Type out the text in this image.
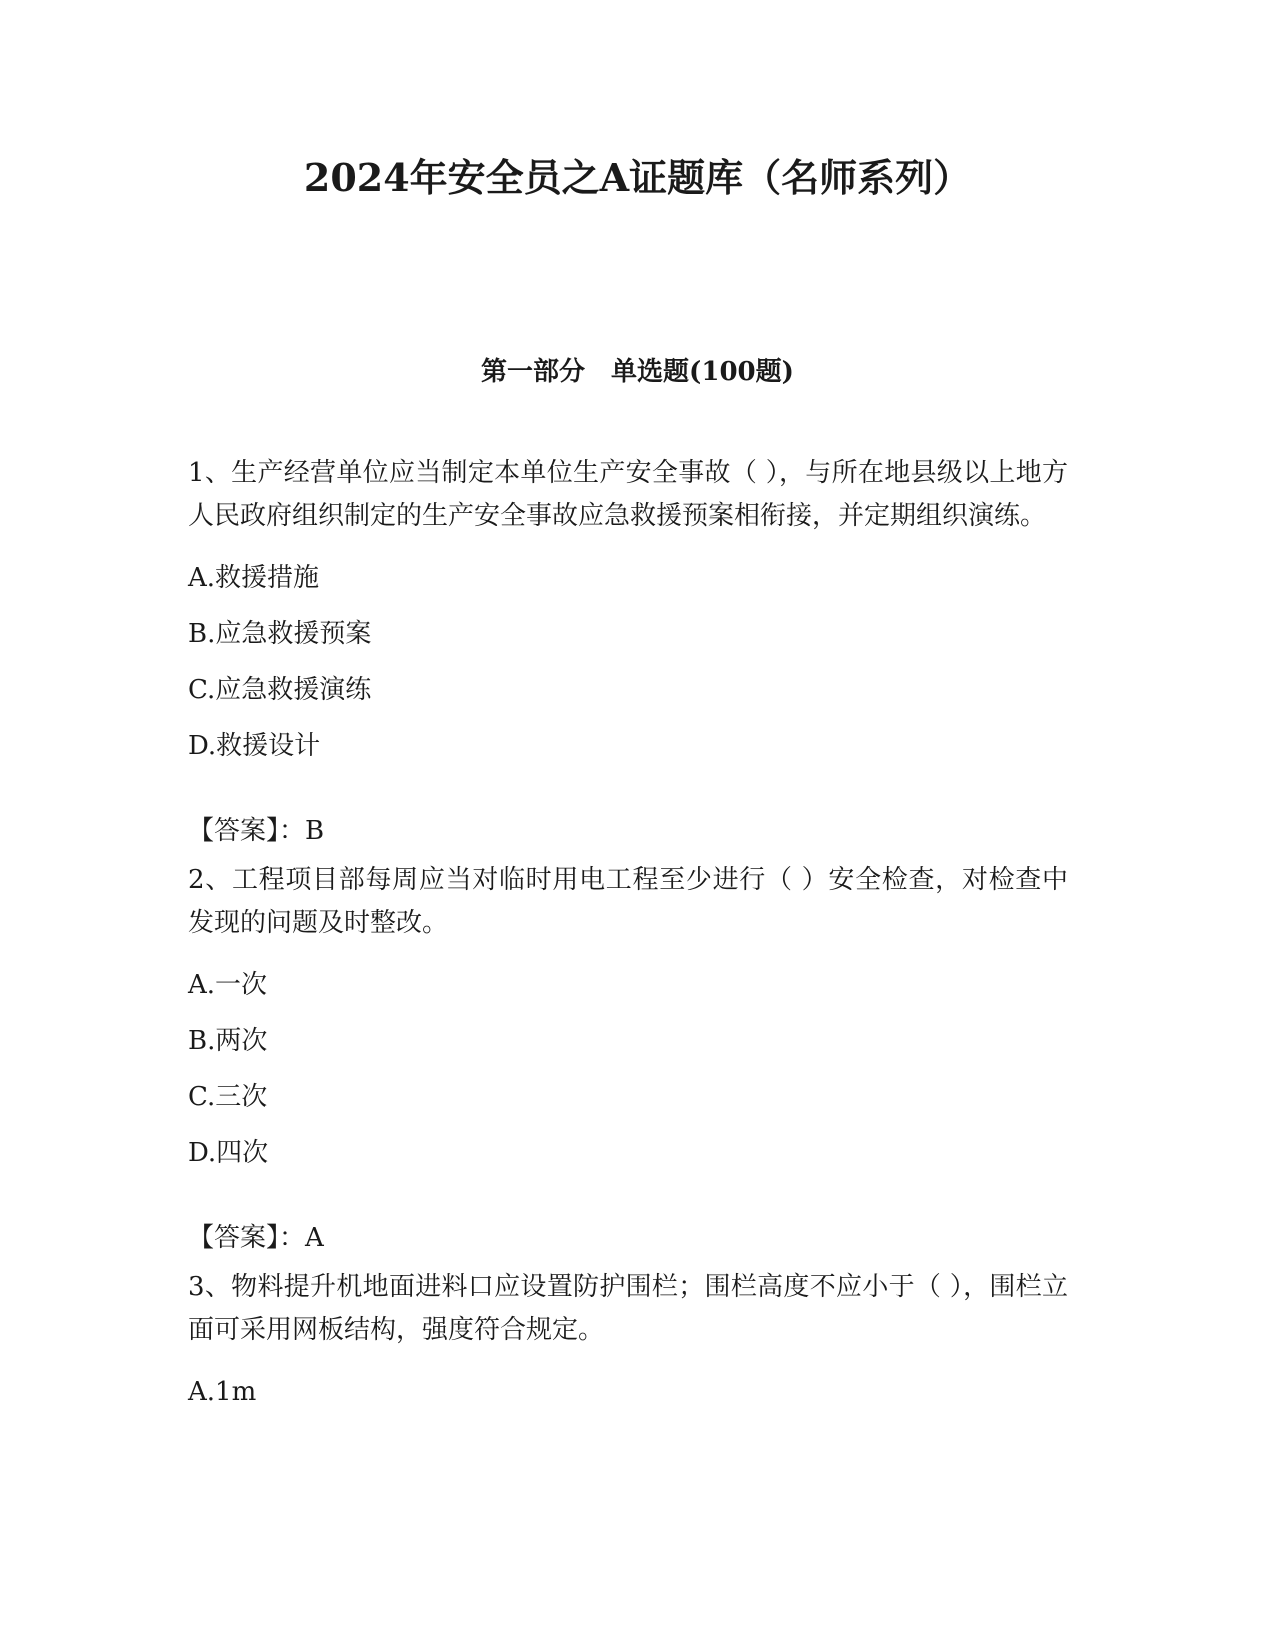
2024年安全员之A证题库（名师系列）
第一部分　单选题(100题)

1、生产经营单位应当制定本单位生产安全事故（ ），与所在地县级以上地方人民政府组织制定的生产安全事故应急救援预案相衔接，并定期组织演练。

A.救援措施

B.应急救援预案

C.应急救援演练

D.救援设计

【答案】：B

2、工程项目部每周应当对临时用电工程至少进行（ ）安全检查，对检查中发现的问题及时整改。

A.一次

B.两次

C.三次

D.四次

【答案】：A

3、物料提升机地面进料口应设置防护围栏；围栏高度不应小于（ ），围栏立面可采用网板结构，强度符合规定。

A.1m
